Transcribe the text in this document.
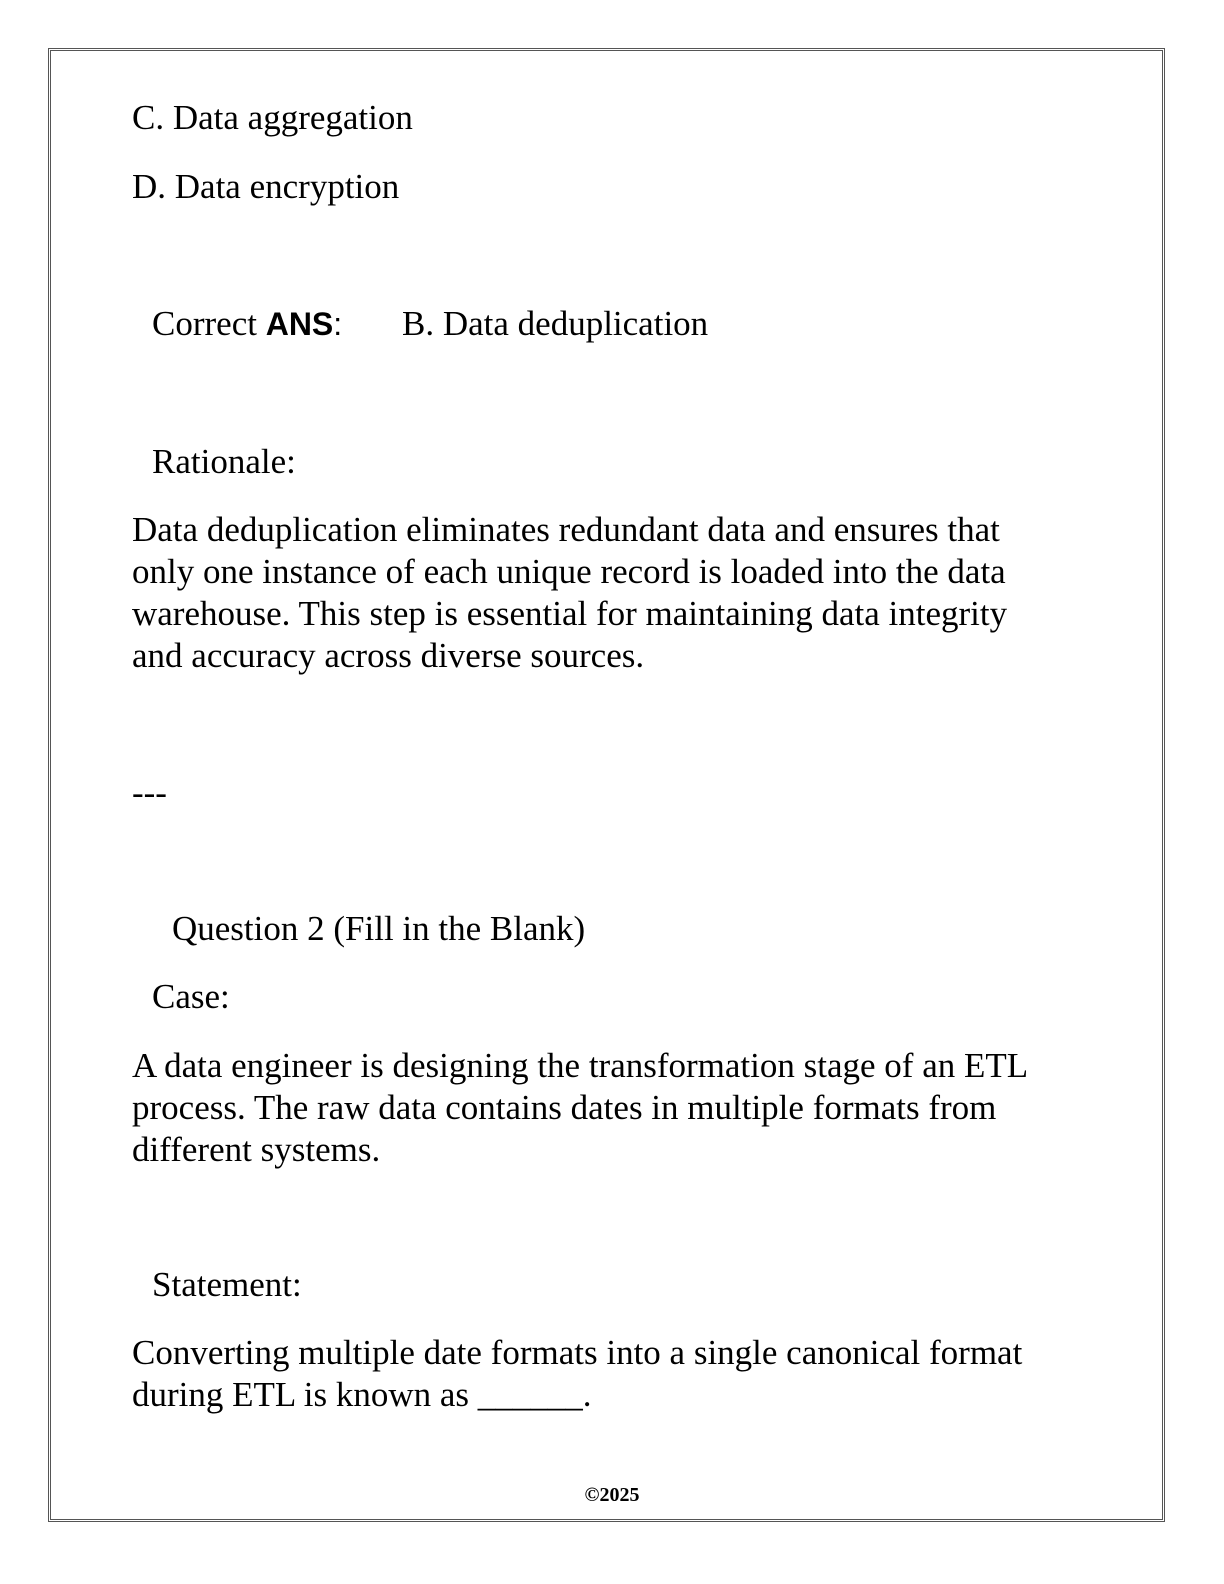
C. Data aggregation
D. Data encryption
Correct ANS: B. Data deduplication
Rationale:
Data deduplication eliminates redundant data and ensures that
only one instance of each unique record is loaded into the data
warehouse. This step is essential for maintaining data integrity
and accuracy across diverse sources.
---
Question 2 (Fill in the Blank)
Case:
A data engineer is designing the transformation stage of an ETL
process. The raw data contains dates in multiple formats from
different systems.
Statement:
Converting multiple date formats into a single canonical format
during ETL is known as ______.
©2025
